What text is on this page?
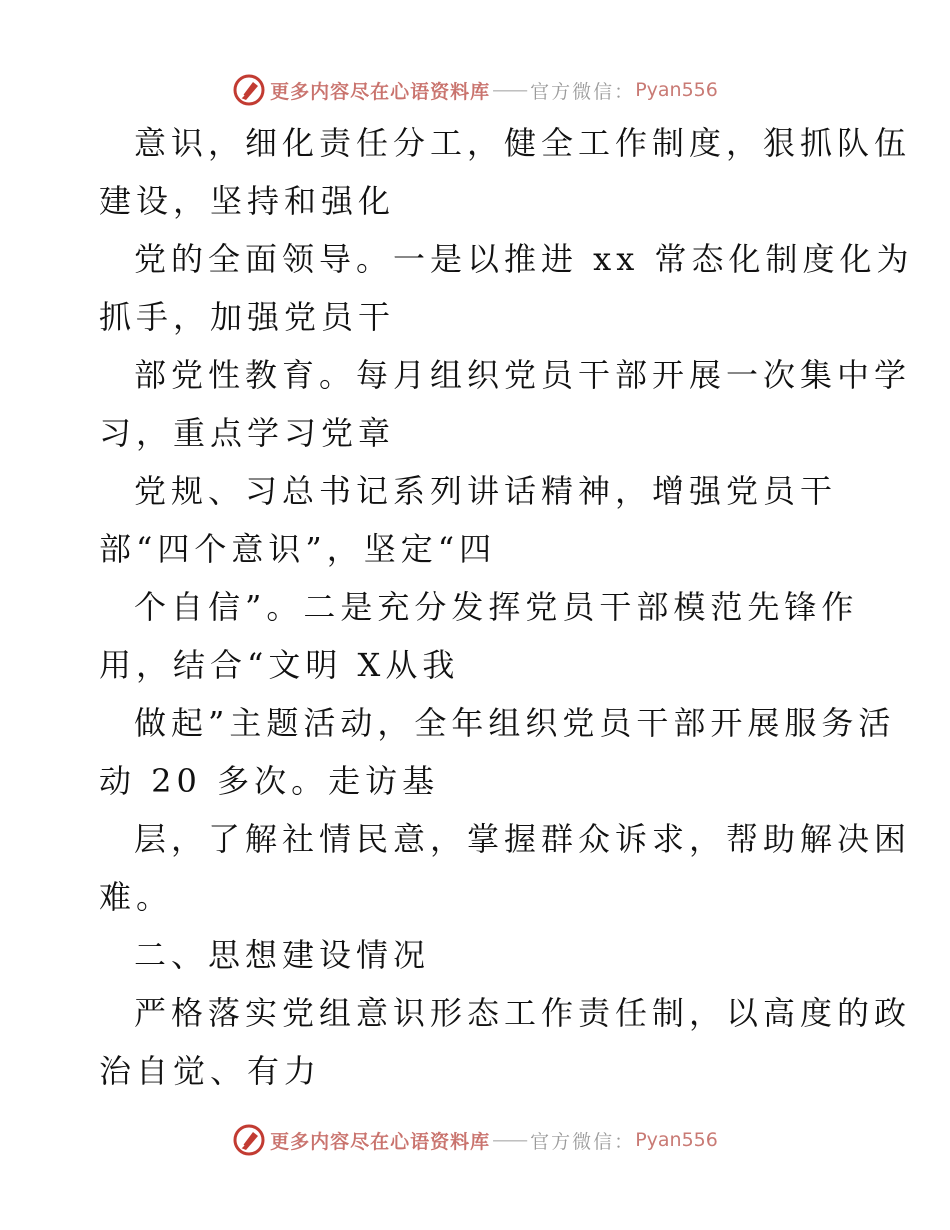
更多内容尽在心语资料库 —— 官方微信： Pyan556
意识，细化责任分工，健全工作制度，狠抓队伍
建设，坚持和强化
党的全面领导。一是以推进 xx 常态化制度化为
抓手，加强党员干
部党性教育。每月组织党员干部开展一次集中学
习，重点学习党章
党规、习总书记系列讲话精神，增强党员干
部“四个意识”，坚定“四
个自信”。二是充分发挥党员干部模范先锋作
用，结合“文明 X从我
做起”主题活动，全年组织党员干部开展服务活
动 20 多次。走访基
层，了解社情民意，掌握群众诉求，帮助解决困
难。
二、思想建设情况
严格落实党组意识形态工作责任制，以高度的政
治自觉、有力
更多内容尽在心语资料库 —— 官方微信： Pyan556
